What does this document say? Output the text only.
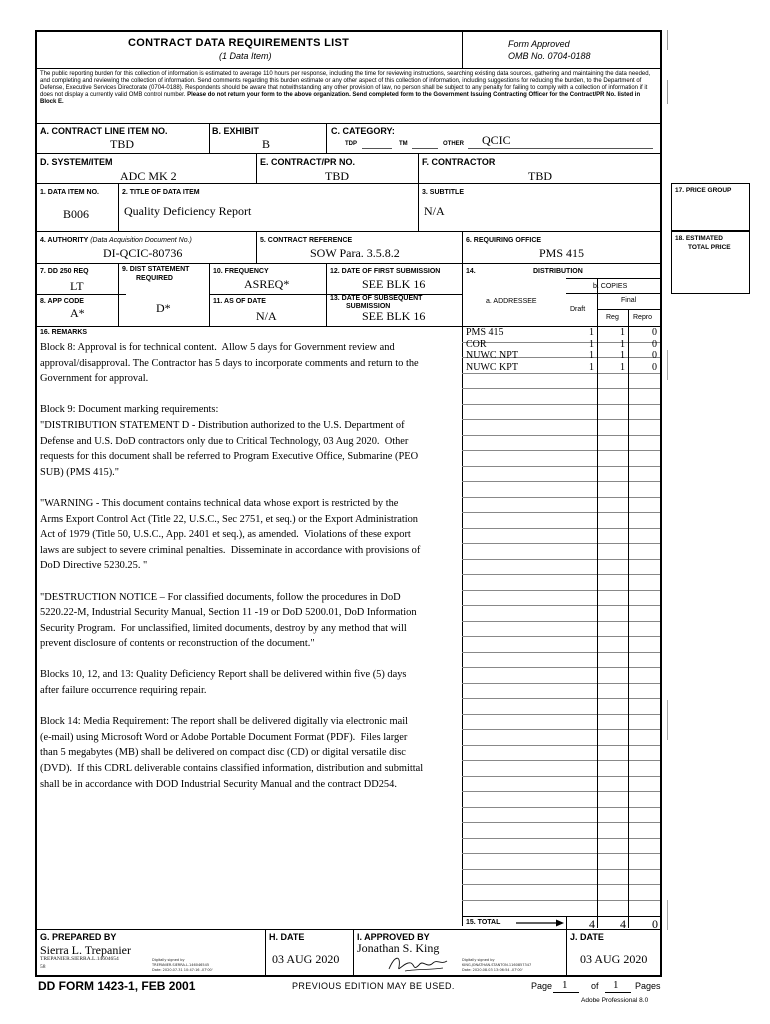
CONTRACT DATA REQUIREMENTS LIST
(1 Data Item)
Form Approved
OMB No. 0704-0188
The public reporting burden for this collection of information is estimated to average 110 hours per response, including the time for reviewing instructions, searching existing data sources, gathering and maintaining the data needed, and completing and reviewing the collection of information. Send comments regarding this burden estimate or any other aspect of this collection of information, including suggestions for reducing the burden, to the Department of Defense, Executive Services Directorate (0704-0188). Respondents should be aware that notwithstanding any other provision of law, no person shall be subject to any penalty for failing to comply with a collection of information if it does not display a currently valid OMB control number. Please do not return your form to the above organization. Send completed form to the Government Issuing Contracting Officer for the Contract/PR No. listed in Block E.
A. CONTRACT LINE ITEM NO.
TBD
B. EXHIBIT
B
C. CATEGORY:
TDP	TM	OTHER QCIC
D. SYSTEM/ITEM
ADC MK 2
E. CONTRACT/PR NO.
TBD
F. CONTRACTOR
TBD
1. DATA ITEM NO.
B006
2. TITLE OF DATA ITEM
Quality Deficiency Report
3. SUBTITLE
N/A
4. AUTHORITY (Data Acquisition Document No.)
DI-QCIC-80736
5. CONTRACT REFERENCE
SOW Para. 3.5.8.2
6. REQUIRING OFFICE
PMS 415
7. DD 250 REQ
LT
8. APP CODE
A*
9. DIST STATEMENT
REQUIRED
D*
10. FREQUENCY
ASREQ*
11. AS OF DATE
N/A
12. DATE OF FIRST SUBMISSION
SEE BLK 16
13. DATE OF SUBSEQUENT
SUBMISSION
SEE BLK 16
14.	DISTRIBUTION
a. ADDRESSEE
b. COPIES
Final
Draft
Reg Repro
16. REMARKS
Block 8: Approval is for technical content.  Allow 5 days for Government review and
approval/disapproval. The Contractor has 5 days to incorporate comments and return to the
Government for approval.

Block 9: Document marking requirements:
"DISTRIBUTION STATEMENT D - Distribution authorized to the U.S. Department of
Defense and U.S. DoD contractors only due to Critical Technology, 03 Aug 2020.  Other
requests for this document shall be referred to Program Executive Office, Submarine (PEO
SUB) (PMS 415)."

"WARNING - This document contains technical data whose export is restricted by the
Arms Export Control Act (Title 22, U.S.C., Sec 2751, et seq.) or the Export Administration
Act of 1979 (Title 50, U.S.C., App. 2401 et seq.), as amended.  Violations of these export
laws are subject to severe criminal penalties.  Disseminate in accordance with provisions of
DoD Directive 5230.25. "

"DESTRUCTION NOTICE – For classified documents, follow the procedures in DoD
5220.22-M, Industrial Security Manual, Section 11 -19 or DoD 5200.01, DoD Information
Security Program.  For unclassified, limited documents, destroy by any method that will
prevent disclosure of contents or reconstruction of the document."

Blocks 10, 12, and 13: Quality Deficiency Report shall be delivered within five (5) days
after failure occurrence requiring repair.

Block 14: Media Requirement: The report shall be delivered digitally via electronic mail
(e-mail) using Microsoft Word or Adobe Portable Document Format (PDF).  Files larger
than 5 megabytes (MB) shall be delivered on compact disc (CD) or digital versatile disc
(DVD).  If this CDRL deliverable contains classified information, distribution and submittal
shall be in accordance with DOD Industrial Security Manual and the contract DD254.
PMS 415	1	1	0
COR	1	1	0
NUWC NPT	1	1	0
NUWC KPT	1	1	0
15. TOTAL	4	4	0
G. PREPARED BY
Sierra L. Trepanier
TREPANIER.SIERRA.L.14604654
58
Digitally signed by
TREPANIER.SIERRA.L.146046545
Date: 2020.07.31 10:47:16 -07'00'
H. DATE
03 AUG 2020
I. APPROVED BY
Jonathan S. King
Digitally signed by
KING.JONATHAN.STANTON.1160857347
Date: 2020.08.03 13:06:54 -07'00'
J. DATE
03 AUG 2020
DD FORM 1423-1, FEB 2001	PREVIOUS EDITION MAY BE USED.	Page 1	of 1 Pages
Adobe Professional 8.0
17. PRICE GROUP
18. ESTIMATED
TOTAL PRICE
